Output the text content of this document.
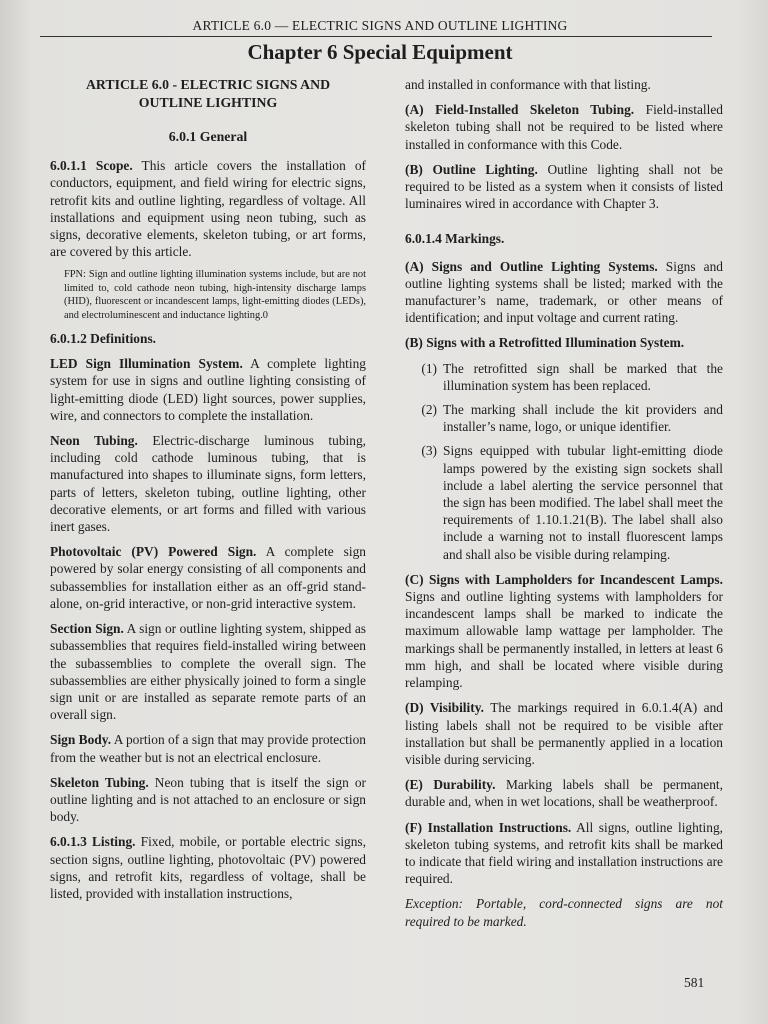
ARTICLE 6.0 — ELECTRIC SIGNS AND OUTLINE LIGHTING
Chapter 6 Special Equipment
ARTICLE 6.0 - ELECTRIC SIGNS AND
OUTLINE LIGHTING
6.0.1 General

6.0.1.1 Scope. This article covers the installation of conductors, equipment, and field wiring for electric signs, retrofit kits and outline lighting, regardless of voltage. All installations and equipment using neon tubing, such as signs, decorative elements, skeleton tubing, or art forms, are covered by this article.

FPN: Sign and outline lighting illumination systems include, but are not limited to, cold cathode neon tubing, high-intensity discharge lamps (HID), fluorescent or incandescent lamps, light-emitting diodes (LEDs), and electroluminescent and inductance lighting.0

6.0.1.2 Definitions.

LED Sign Illumination System. A complete lighting system for use in signs and outline lighting consisting of light-emitting diode (LED) light sources, power supplies, wire, and connectors to complete the installation.

Neon Tubing. Electric-discharge luminous tubing, including cold cathode luminous tubing, that is manufactured into shapes to illuminate signs, form letters, parts of letters, skeleton tubing, outline lighting, other decorative elements, or art forms and filled with various inert gases.

Photovoltaic (PV) Powered Sign. A complete sign powered by solar energy consisting of all components and subassemblies for installation either as an off-grid stand-alone, on-grid interactive, or non-grid interactive system.

Section Sign. A sign or outline lighting system, shipped as subassemblies that requires field-installed wiring between the subassemblies to complete the overall sign. The subassemblies are either physically joined to form a single sign unit or are installed as separate remote parts of an overall sign.

Sign Body. A portion of a sign that may provide protection from the weather but is not an electrical enclosure.

Skeleton Tubing. Neon tubing that is itself the sign or outline lighting and is not attached to an enclosure or sign body.

6.0.1.3 Listing. Fixed, mobile, or portable electric signs, section signs, outline lighting, photovoltaic (PV) powered signs, and retrofit kits, regardless of voltage, shall be listed, provided with installation instructions,

and installed in conformance with that listing.

(A) Field-Installed Skeleton Tubing. Field-installed skeleton tubing shall not be required to be listed where installed in conformance with this Code.

(B) Outline Lighting. Outline lighting shall not be required to be listed as a system when it consists of listed luminaires wired in accordance with Chapter 3.

6.0.1.4 Markings.

(A) Signs and Outline Lighting Systems. Signs and outline lighting systems shall be listed; marked with the manufacturer’s name, trademark, or other means of identification; and input voltage and current rating.

(B) Signs with a Retrofitted Illumination System.

(1) The retrofitted sign shall be marked that the illumination system has been replaced.
(2) The marking shall include the kit providers and installer’s name, logo, or unique identifier.
(3) Signs equipped with tubular light-emitting diode lamps powered by the existing sign sockets shall include a label alerting the service personnel that the sign has been modified. The label shall meet the requirements of 1.10.1.21(B). The label shall also include a warning not to install fluorescent lamps and shall also be visible during relamping.

(C) Signs with Lampholders for Incandescent Lamps. Signs and outline lighting systems with lampholders for incandescent lamps shall be marked to indicate the maximum allowable lamp wattage per lampholder. The markings shall be permanently installed, in letters at least 6 mm high, and shall be located where visible during relamping.

(D) Visibility. The markings required in 6.0.1.4(A) and listing labels shall not be required to be visible after installation but shall be permanently applied in a location visible during servicing.

(E) Durability. Marking labels shall be permanent, durable and, when in wet locations, shall be weatherproof.

(F) Installation Instructions. All signs, outline lighting, skeleton tubing systems, and retrofit kits shall be marked to indicate that field wiring and installation instructions are required.

Exception: Portable, cord-connected signs are not required to be marked.

581
